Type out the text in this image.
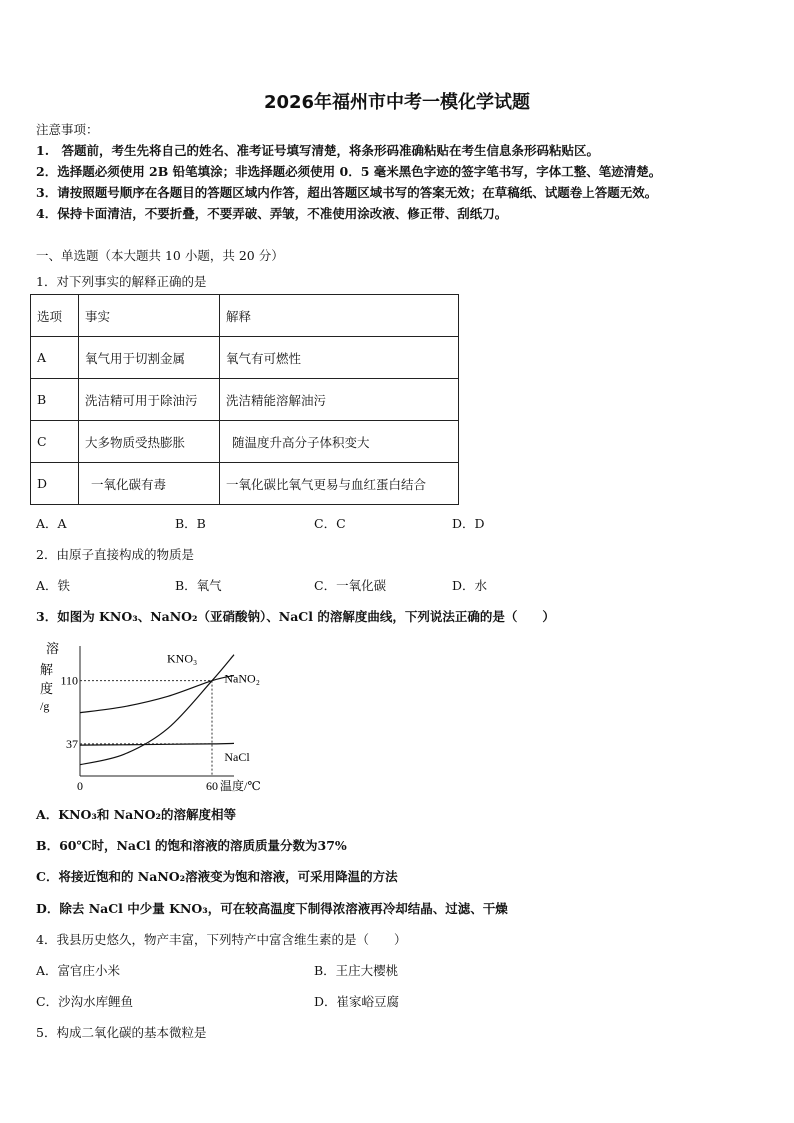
2026年福州市中考一模化学试题
注意事项：
1.　答题前，考生先将自己的姓名、准考证号填写清楚，将条形码准确粘贴在考生信息条形码粘贴区。
2．选择题必须使用 2B 铅笔填涂；非选择题必须使用 0．5 毫米黑色字迹的签字笔书写，字体工整、笔迹清楚。
3．请按照题号顺序在各题目的答题区域内作答，超出答题区域书写的答案无效；在草稿纸、试题卷上答题无效。
4．保持卡面清洁，不要折叠，不要弄破、弄皱，不准使用涂改液、修正带、刮纸刀。
一、单选题（本大题共 10 小题，共 20 分）
1．对下列事实的解释正确的是
选项	事实	解释
A	氧气用于切割金属	氧气有可燃性
B	洗洁精可用于除油污	洗洁精能溶解油污
C	大多物质受热膨胀	随温度升高分子体积变大
D	一氧化碳有毒	一氧化碳比氧气更易与血红蛋白结合
A．A	B．B	C．C	D．D
2．由原子直接构成的物质是
A．铁	B．氧气	C．一氧化碳	D．水
3．如图为 KNO₃、NaNO₂（亚硝酸钠）、NaCl 的溶解度曲线，下列说法正确的是（　　）
溶
解
度
/g
110
37
0	60 温度/℃
KNO₃
NaNO₂
NaCl
A．KNO₃和 NaNO₂的溶解度相等
B．60℃时，NaCl 的饱和溶液的溶质质量分数为37%
C．将接近饱和的 NaNO₂溶液变为饱和溶液，可采用降温的方法
D．除去 NaCl 中少量 KNO₃，可在较高温度下制得浓溶液再冷却结晶、过滤、干燥
4．我县历史悠久，物产丰富，下列特产中富含维生素的是（　　）
A．富官庄小米	B．王庄大樱桃
C．沙沟水库鲤鱼	D．崔家峪豆腐
5．构成二氧化碳的基本微粒是
